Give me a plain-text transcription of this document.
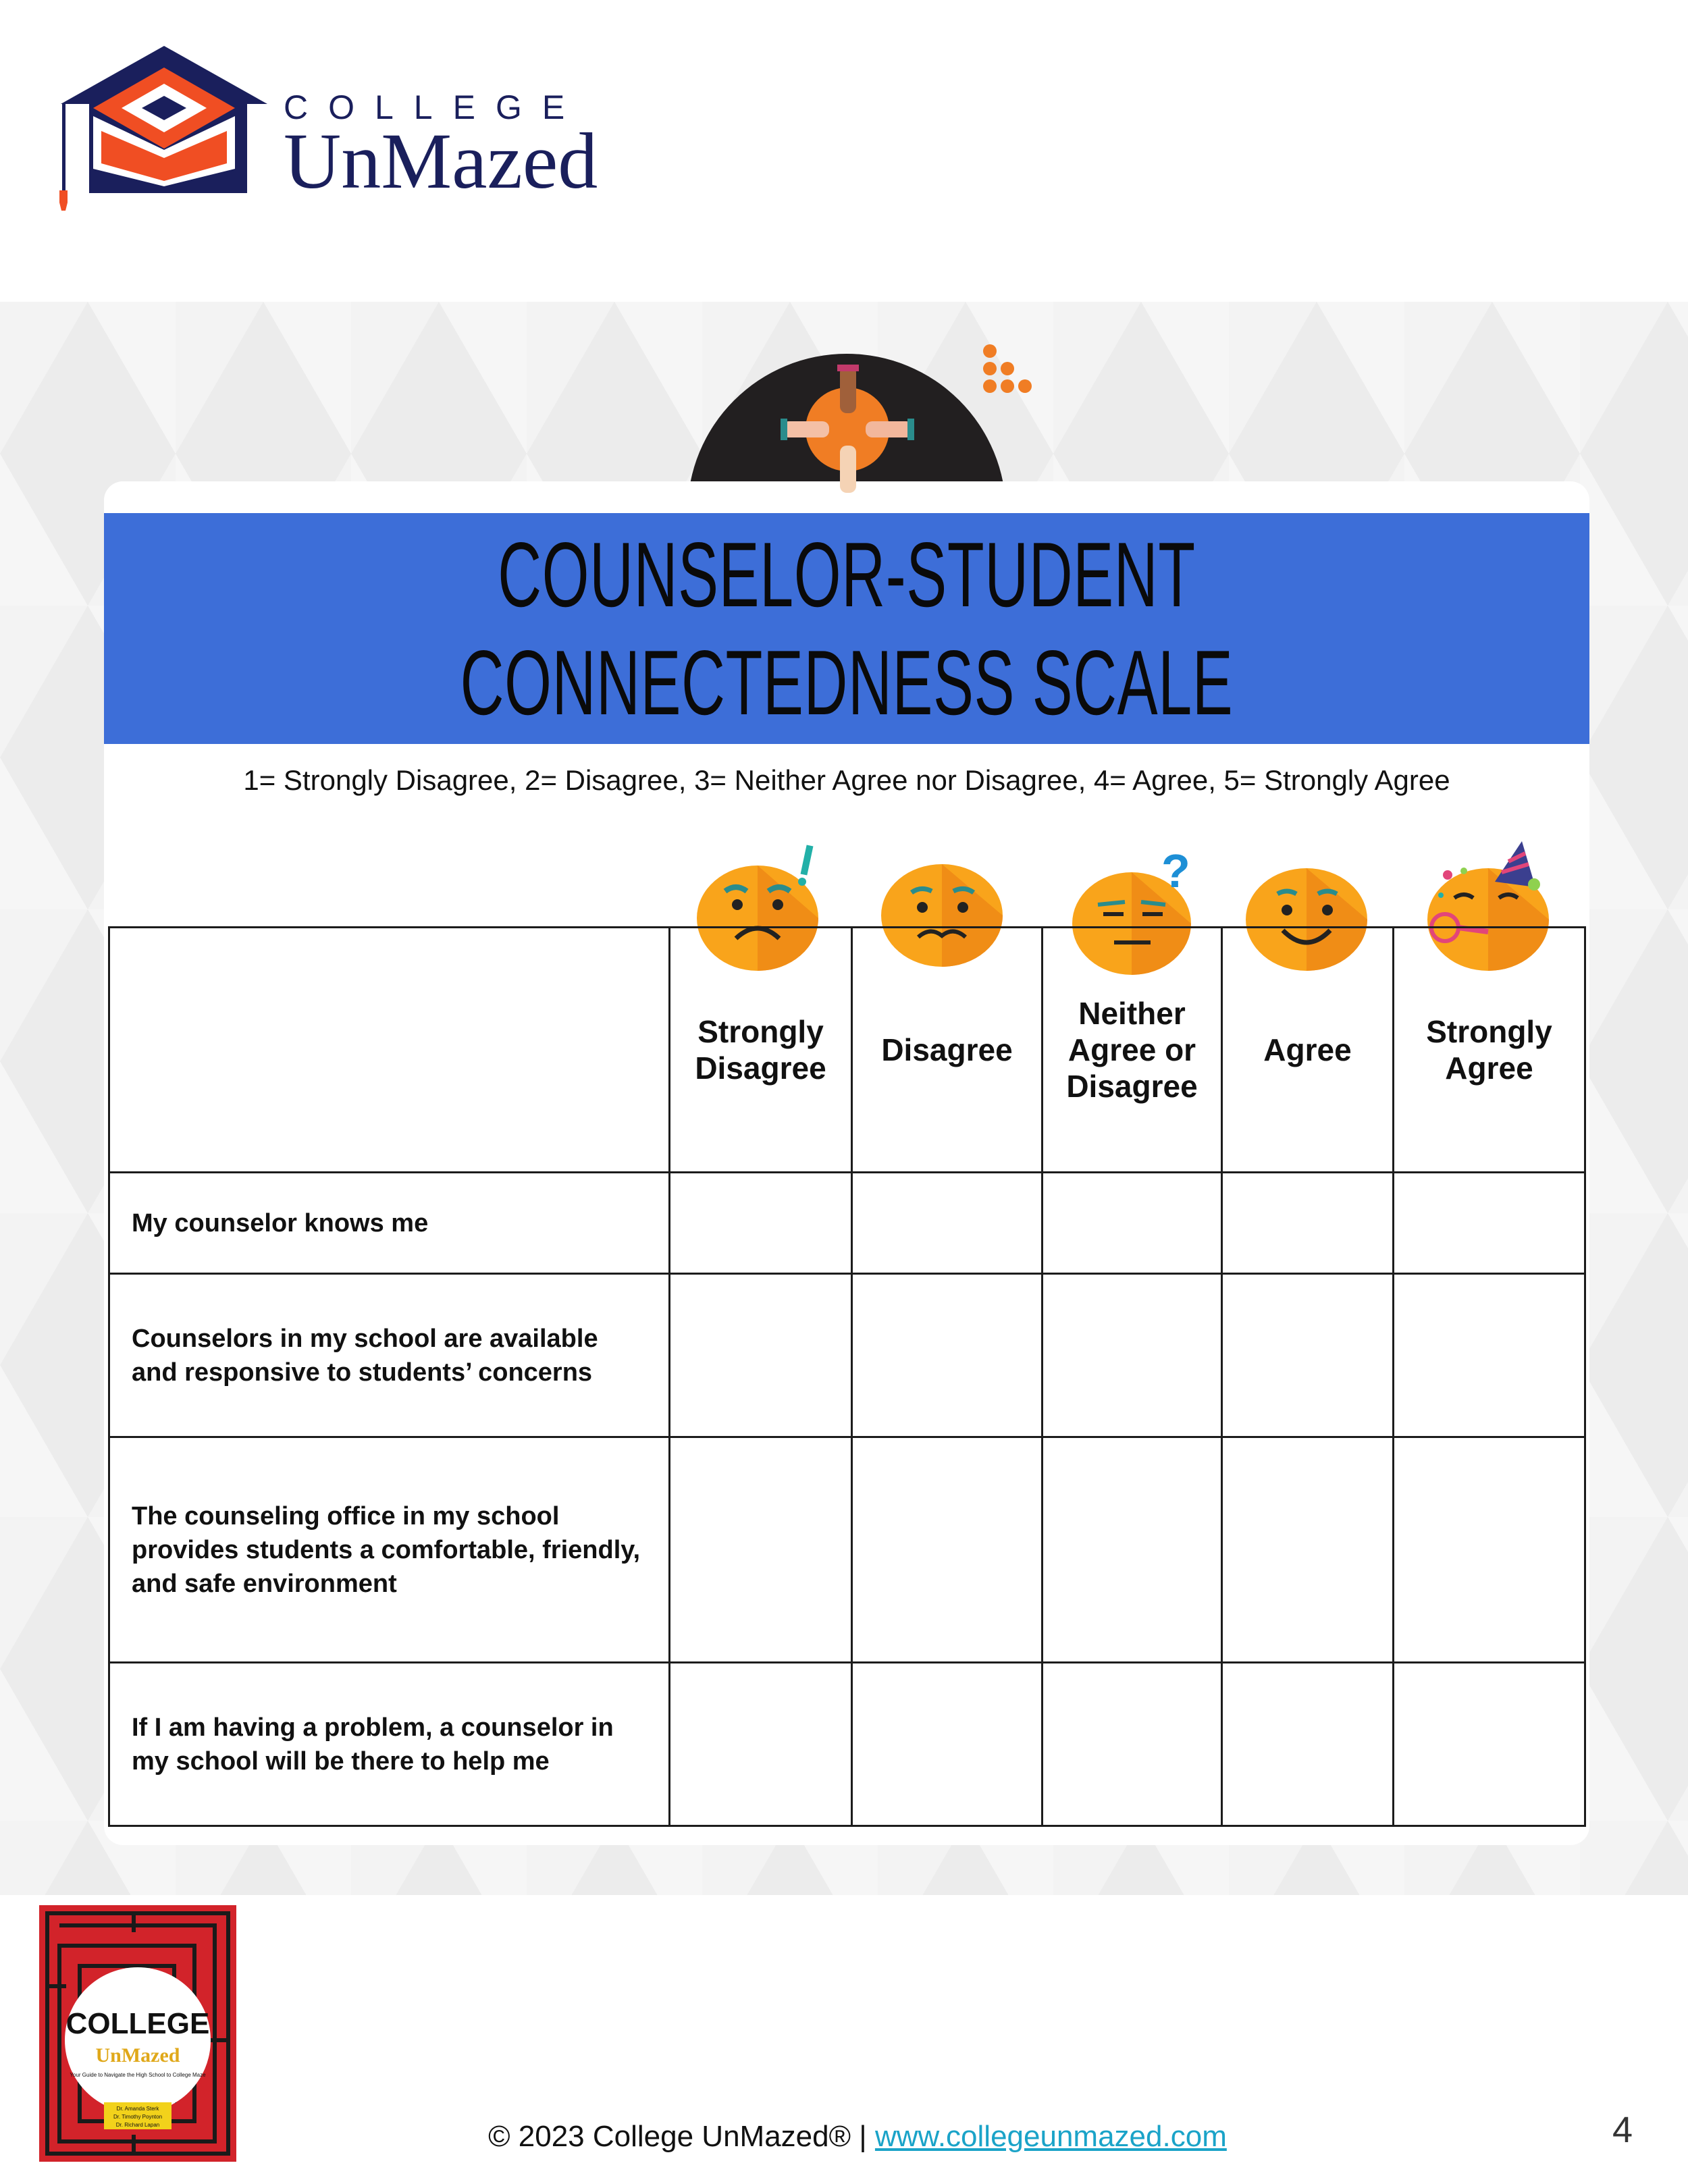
COLLEGE
UnMazed
COUNSELOR-STUDENT CONNECTEDNESS SCALE
1= Strongly Disagree, 2= Disagree, 3= Neither Agree nor Disagree, 4= Agree, 5= Strongly Agree
?
	Strongly Disagree	Disagree	Neither Agree or Disagree	Agree	Strongly Agree
My counselor knows me					
Counselors in my school are available and responsive to students’ concerns					
The counseling office in my school provides students a comfortable, friendly, and safe environment					
If I am having a problem, a counselor in my school will be there to help me					
COLLEGE
UnMazed
Your Guide to Navigate the High School to College Maze
Dr. Amanda Sterk
Dr. Timothy Poynton
Dr. Richard Lapan	© 2023 College UnMazed® | www.collegeunmazed.com	4
